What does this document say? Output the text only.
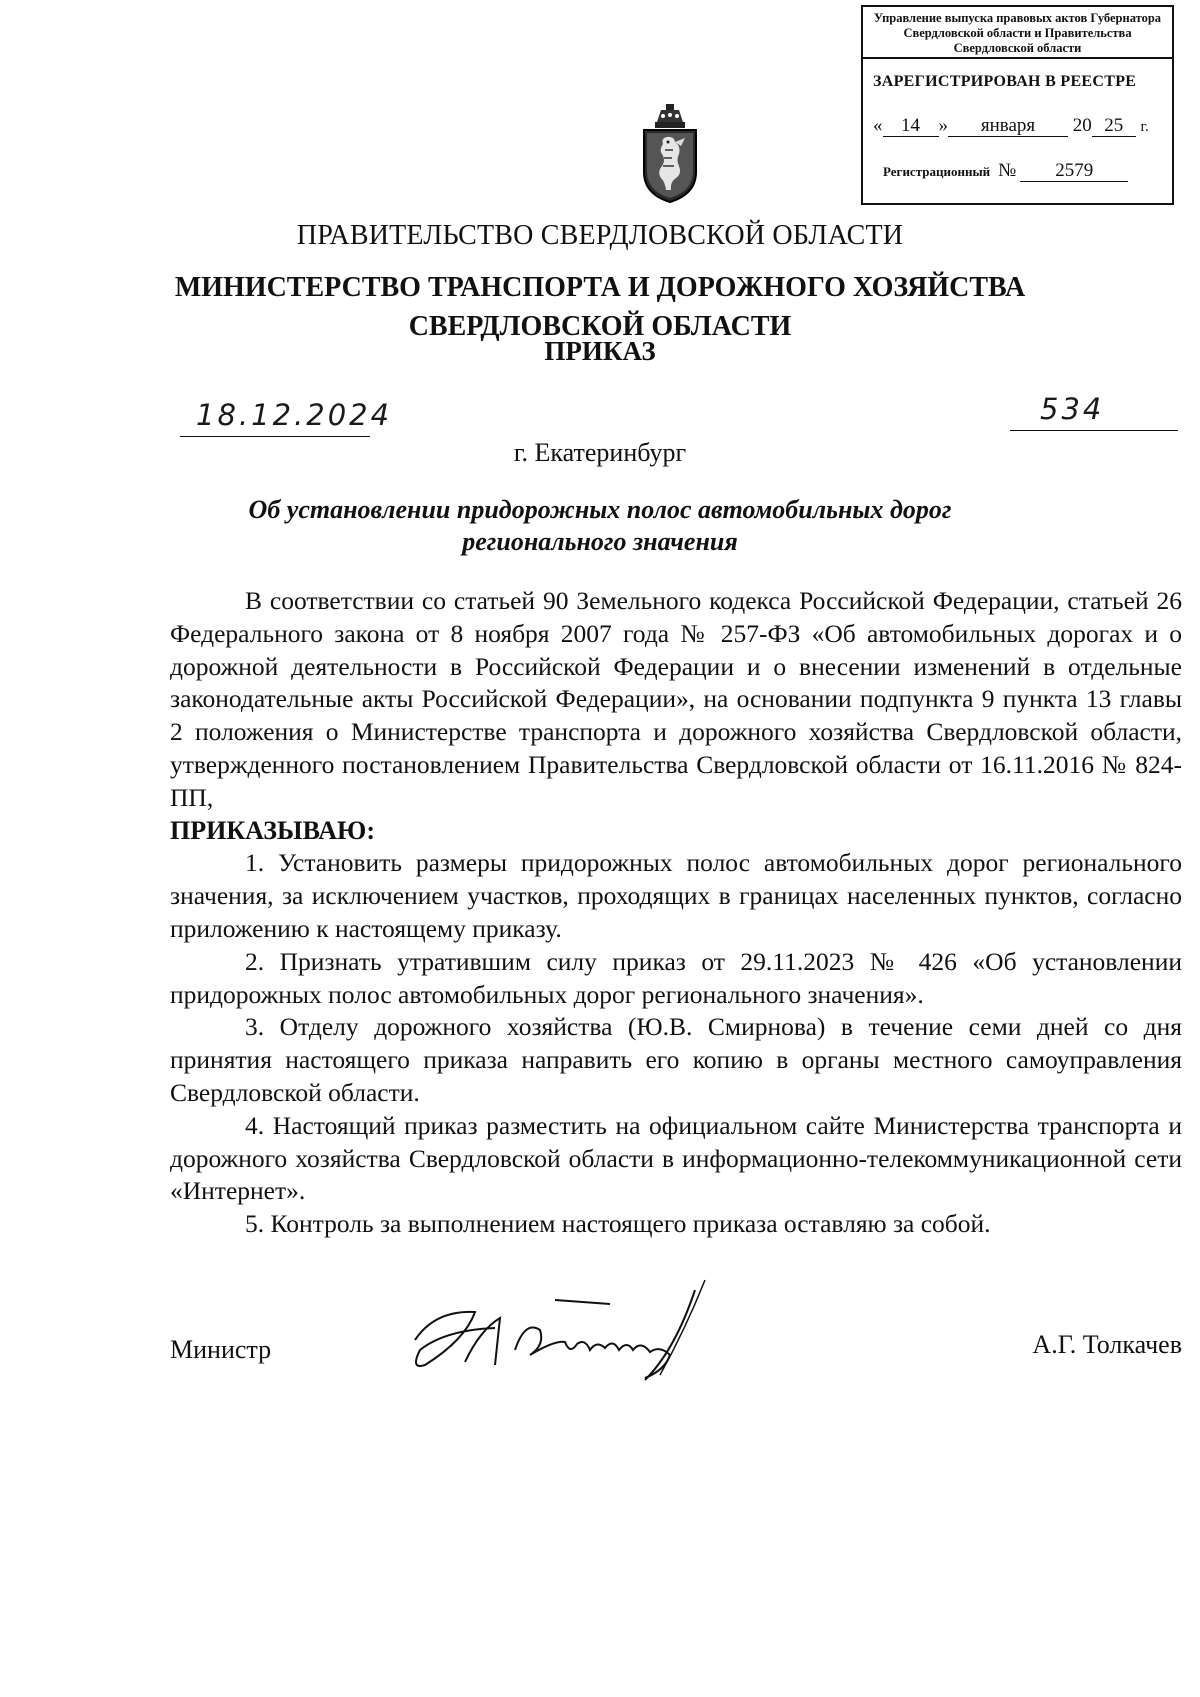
Управление выпуска правовых актов Губернатора Свердловской области и Правительства Свердловской области
ЗАРЕГИСТРИРОВАН В РЕЕСТРЕ
« 14 » января 20 25 г.
Регистрационный № 2579
ПРАВИТЕЛЬСТВО СВЕРДЛОВСКОЙ ОБЛАСТИ
МИНИСТЕРСТВО ТРАНСПОРТА И ДОРОЖНОГО ХОЗЯЙСТВА
СВЕРДЛОВСКОЙ ОБЛАСТИ
ПРИКАЗ
18.12.2024	534
г. Екатеринбург
Об установлении придорожных полос автомобильных дорог
регионального значения

В соответствии со статьей 90 Земельного кодекса Российской Федерации, статьей 26 Федерального закона от 8 ноября 2007 года № 257-ФЗ «Об автомобильных дорогах и о дорожной деятельности в Российской Федерации и о внесении изменений в отдельные законодательные акты Российской Федерации», на основании подпункта 9 пункта 13 главы 2 положения о Министерстве транспорта и дорожного хозяйства Свердловской области, утвержденного постановлением Правительства Свердловской области от 16.11.2016 № 824-ПП,

ПРИКАЗЫВАЮ:

1. Установить размеры придорожных полос автомобильных дорог регионального значения, за исключением участков, проходящих в границах населенных пунктов, согласно приложению к настоящему приказу.

2. Признать утратившим силу приказ от 29.11.2023 № 426 «Об установлении придорожных полос автомобильных дорог регионального значения».

3. Отделу дорожного хозяйства (Ю.В. Смирнова) в течение семи дней со дня принятия настоящего приказа направить его копию в органы местного самоуправления Свердловской области.

4. Настоящий приказ разместить на официальном сайте Министерства транспорта и дорожного хозяйства Свердловской области в информационно-телекоммуникационной сети «Интернет».

5. Контроль за выполнением настоящего приказа оставляю за собой.

Министр	А.Г. Толкачев
